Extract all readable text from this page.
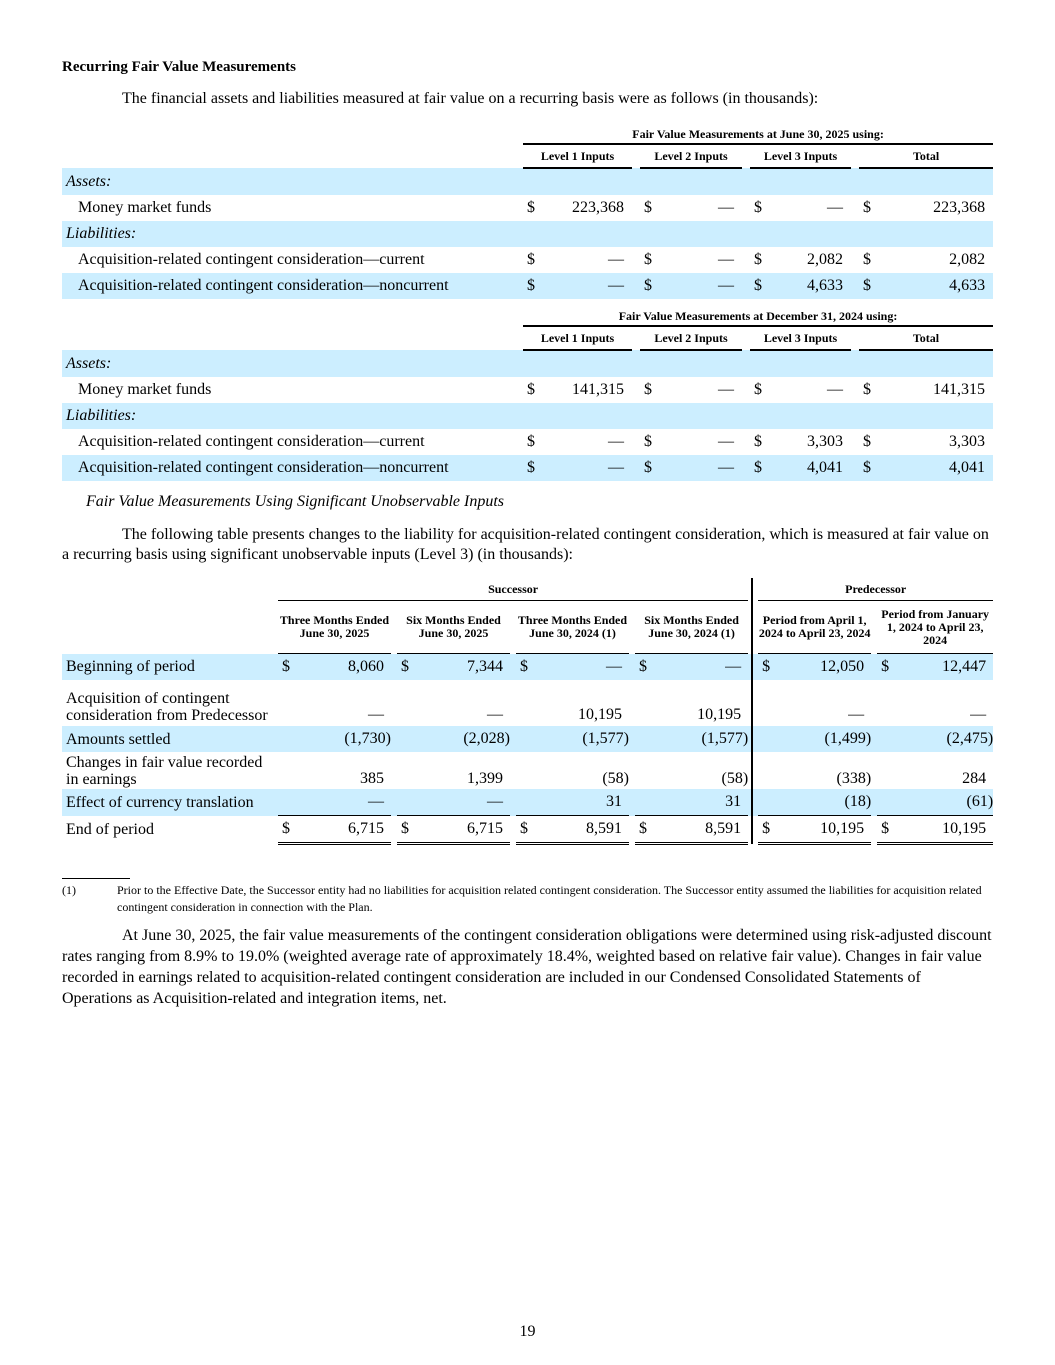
Recurring Fair Value Measurements
The financial assets and liabilities measured at fair value on a recurring basis were as follows (in thousands):
		Fair Value Measurements at June 30, 2025 using:										
		Level 1 Inputs			Level 2 Inputs			Level 3 Inputs			Total	
Assets:												
Money market funds		$	223,368		$	—		$	—		$	223,368
Liabilities:												
Acquisition-related contingent consideration—current		$	—		$	—		$	2,082		$	2,082
Acquisition-related contingent consideration—noncurrent		$	—		$	—		$	4,633		$	4,633
		Fair Value Measurements at December 31, 2024 using:										
		Level 1 Inputs			Level 2 Inputs			Level 3 Inputs			Total	
Assets:												
Money market funds		$	141,315		$	—		$	—		$	141,315
Liabilities:												
Acquisition-related contingent consideration—current		$	—		$	—		$	3,303		$	3,303
Acquisition-related contingent consideration—noncurrent		$	—		$	—		$	4,041		$	4,041
Fair Value Measurements Using Significant Unobservable Inputs
The following table presents changes to the liability for acquisition-related contingent consideration, which is measured at fair value on a recurring basis using significant unobservable inputs (Level 3) (in thousands):
		Successor													Predecessor				
		Three Months Ended June 30, 2025			Six Months Ended June 30, 2025			Three Months Ended June 30, 2024 (1)			Six Months Ended June 30, 2024 (1)				Period from April 1, 2024 to April 23, 2024			Period from January 1, 2024 to April 23, 2024	
Beginning of period		$	8,060		$	7,344		$	—		$	—			$	12,050		$	12,447
Acquisition of contingent consideration from Predecessor			—			—			10,195			10,195				—			—
Amounts settled			(1,730)			(2,028)			(1,577)			(1,577)				(1,499)			(2,475)
Changes in fair value recorded in earnings			385			1,399			(58)			(58)				(338)			284
Effect of currency translation			—			—			31			31				(18)			(61)
End of period		$	6,715		$	6,715		$	8,591		$	8,591			$	10,195		$	10,195
(1)	Prior to the Effective Date, the Successor entity had no liabilities for acquisition related contingent consideration. The Successor entity assumed the liabilities for acquisition related contingent consideration in connection with the Plan.
At June 30, 2025, the fair value measurements of the contingent consideration obligations were determined using risk-adjusted discount rates ranging from 8.9% to 19.0% (weighted average rate of approximately 18.4%, weighted based on relative fair value). Changes in fair value recorded in earnings related to acquisition-related contingent consideration are included in our Condensed Consolidated Statements of Operations as Acquisition-related and integration items, net.
19
